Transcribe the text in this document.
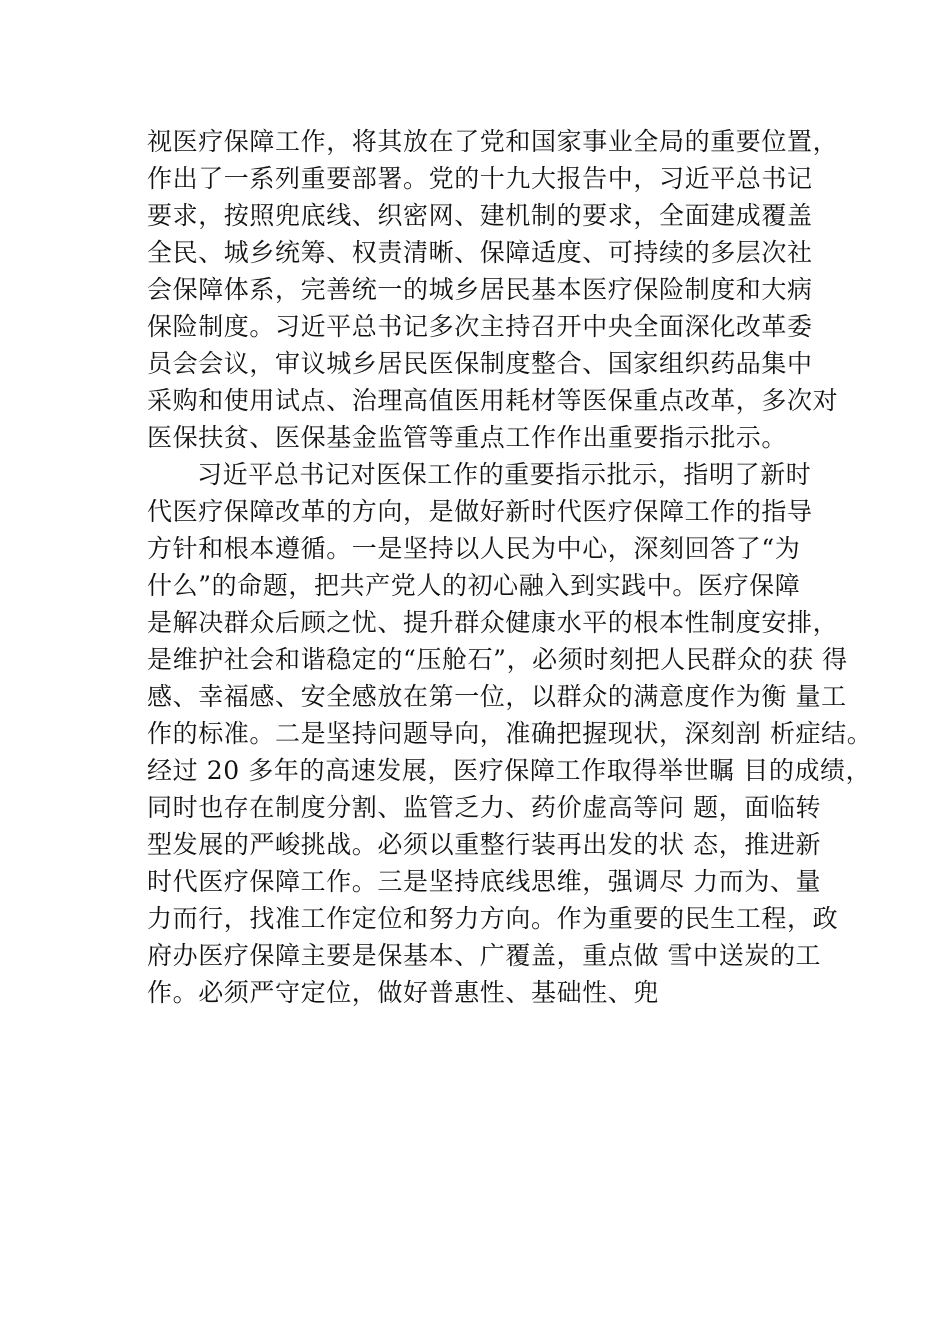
视医疗保障工作，将其放在了党和国家事业全局的重要位置，
作出了一系列重要部署。党的十九大报告中，习近平总书记
要求，按照兜底线、织密网、建机制的要求，全面建成覆盖
全民、城乡统筹、权责清晰、保障适度、可持续的多层次社
会保障体系，完善统一的城乡居民基本医疗保险制度和大病
保险制度。习近平总书记多次主持召开中央全面深化改革委
员会会议，审议城乡居民医保制度整合、国家组织药品集中
采购和使用试点、治理高值医用耗材等医保重点改革，多次对
医保扶贫、医保基金监管等重点工作作出重要指示批示。
习近平总书记对医保工作的重要指示批示，指明了新时
代医疗保障改革的方向，是做好新时代医疗保障工作的指导
方针和根本遵循。一是坚持以人民为中心，深刻回答了“为
什么”的命题，把共产党人的初心融入到实践中。医疗保障
是解决群众后顾之忧、提升群众健康水平的根本性制度安排，
是维护社会和谐稳定的“压舱石”，必须时刻把人民群众的获 得
感、幸福感、安全感放在第一位，以群众的满意度作为衡 量工
作的标准。二是坚持问题导向，准确把握现状，深刻剖 析症结。
经过 20 多年的高速发展，医疗保障工作取得举世瞩 目的成绩，
同时也存在制度分割、监管乏力、药价虚高等问 题，面临转
型发展的严峻挑战。必须以重整行装再出发的状 态，推进新
时代医疗保障工作。三是坚持底线思维，强调尽 力而为、量
力而行，找准工作定位和努力方向。作为重要的民生工程，政
府办医疗保障主要是保基本、广覆盖，重点做 雪中送炭的工
作。必须严守定位，做好普惠性、基础性、兜
